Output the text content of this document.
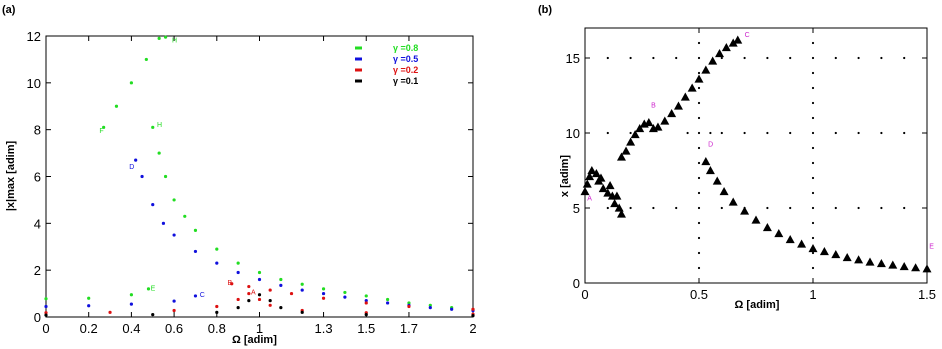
(a)
0 0.2 0.4 0.6 0.8 1	1.3 1.5 1.7	2
0
2
4
6
8
10
12
E
H
F
H
C
D
B
A
Ω [adim]
|x|max [adim]
γ =0.8
γ =0.5
γ =0.2
γ =0.1
(b)
0	0.5	1	1.5
0
5
10
15
A
B
C
D
E
Ω [adim]
x [adim]
